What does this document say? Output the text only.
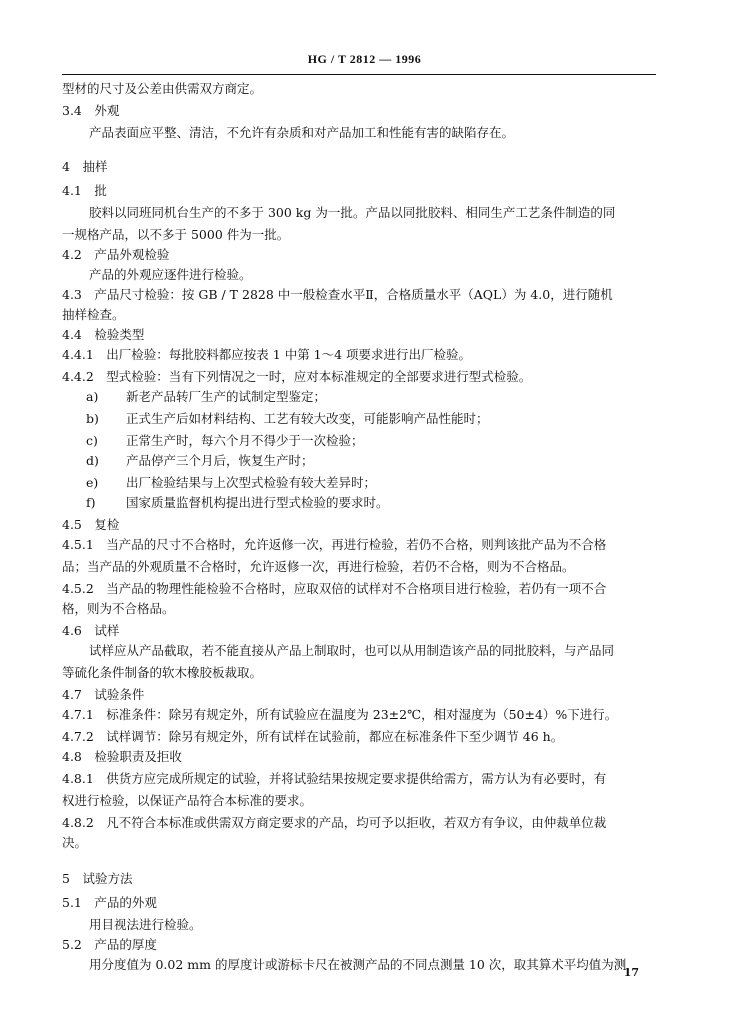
HG / T 2812 — 1996
型材的尺寸及公差由供需双方商定。
3.4　外观
产品表面应平整、清洁，不允许有杂质和对产品加工和性能有害的缺陷存在。
4　抽样
4.1　批
胶料以同班同机台生产的不多于 300 kg 为一批。产品以同批胶料、相同生产工艺条件制造的同
一规格产品，以不多于 5000 件为一批。
4.2　产品外观检验
产品的外观应逐件进行检验。
4.3　产品尺寸检验：按 GB / T 2828 中一般检查水平Ⅱ，合格质量水平（AQL）为 4.0，进行随机
抽样检查。
4.4　检验类型
4.4.1　出厂检验：每批胶料都应按表 1 中第 1～4 项要求进行出厂检验。
4.4.2　型式检验：当有下列情况之一时，应对本标准规定的全部要求进行型式检验。
a) 新老产品转厂生产的试制定型鉴定；
b) 正式生产后如材料结构、工艺有较大改变，可能影响产品性能时；
c) 正常生产时，每六个月不得少于一次检验；
d) 产品停产三个月后，恢复生产时；
e) 出厂检验结果与上次型式检验有较大差异时；
f) 国家质量监督机构提出进行型式检验的要求时。
4.5　复检
4.5.1　当产品的尺寸不合格时，允许返修一次，再进行检验，若仍不合格，则判该批产品为不合格
品；当产品的外观质量不合格时，允许返修一次，再进行检验，若仍不合格，则为不合格品。
4.5.2　当产品的物理性能检验不合格时，应取双倍的试样对不合格项目进行检验，若仍有一项不合
格，则为不合格品。
4.6　试样
试样应从产品截取，若不能直接从产品上制取时，也可以从用制造该产品的同批胶料，与产品同
等硫化条件制备的软木橡胶板裁取。
4.7　试验条件
4.7.1　标准条件：除另有规定外，所有试验应在温度为 23±2℃，相对湿度为（50±4）%下进行。
4.7.2　试样调节：除另有规定外，所有试样在试验前，都应在标准条件下至少调节 46 h。
4.8　检验职责及拒收
4.8.1　供货方应完成所规定的试验，并将试验结果按规定要求提供给需方，需方认为有必要时，有
权进行检验，以保证产品符合本标准的要求。
4.8.2　凡不符合本标准或供需双方商定要求的产品，均可予以拒收，若双方有争议，由仲裁单位裁
决。
5　试验方法
5.1　产品的外观
用目视法进行检验。
5.2　产品的厚度
用分度值为 0.02 mm 的厚度计或游标卡尺在被测产品的不同点测量 10 次，取其算术平均值为测
17
